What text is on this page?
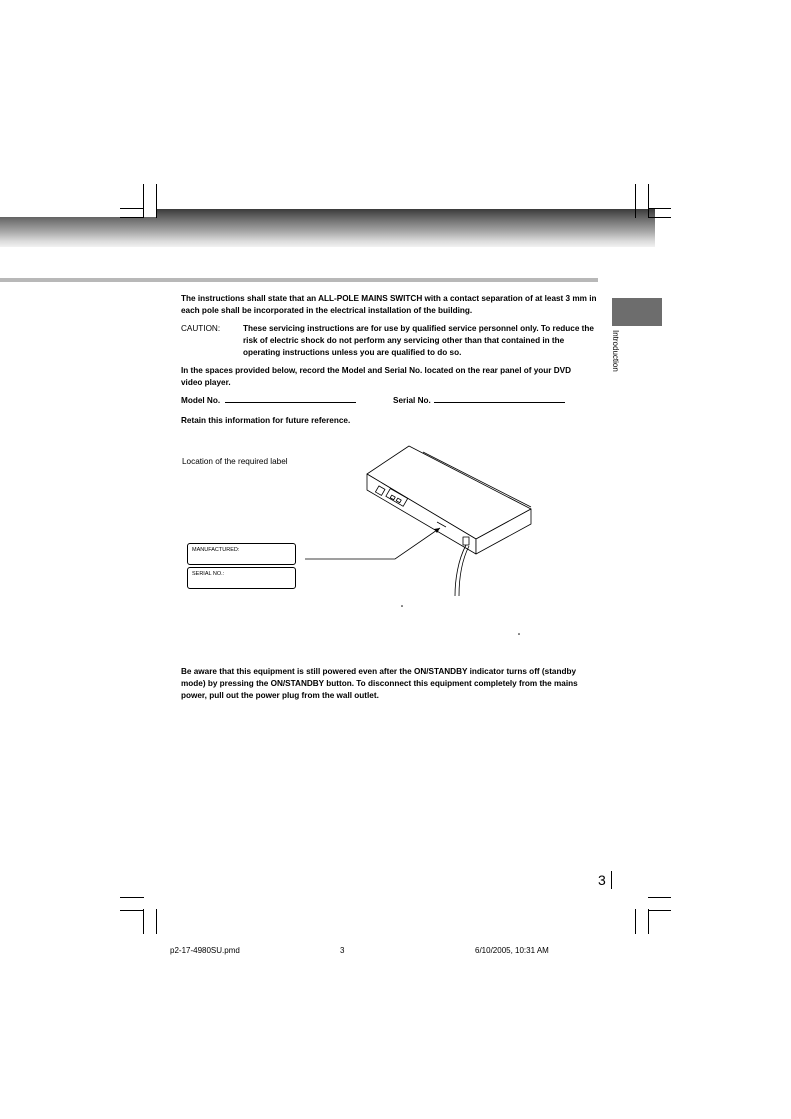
Introduction
The instructions shall state that an ALL-POLE MAINS SWITCH with a contact separation of at least 3 mm in each pole shall be incorporated in the electrical installation of the building.
CAUTION:	These servicing instructions are for use by qualified service personnel only. To reduce the risk of electric shock do not perform any servicing other than that contained in the operating instructions unless you are qualified to do so.
In the spaces provided below, record the Model and Serial No. located on the rear panel of your DVD video player.
Model No.	Serial No.
Retain this information for future reference.
Location of the required label
MANUFACTURED:
SERIAL NO.:
Be aware that this equipment is still powered even after the ON/STANDBY indicator turns off (standby mode) by pressing the ON/STANDBY button. To disconnect this equipment completely from the mains power, pull out the power plug from the wall outlet.
3
p2-17-4980SU.pmd	3	6/10/2005, 10:31 AM
